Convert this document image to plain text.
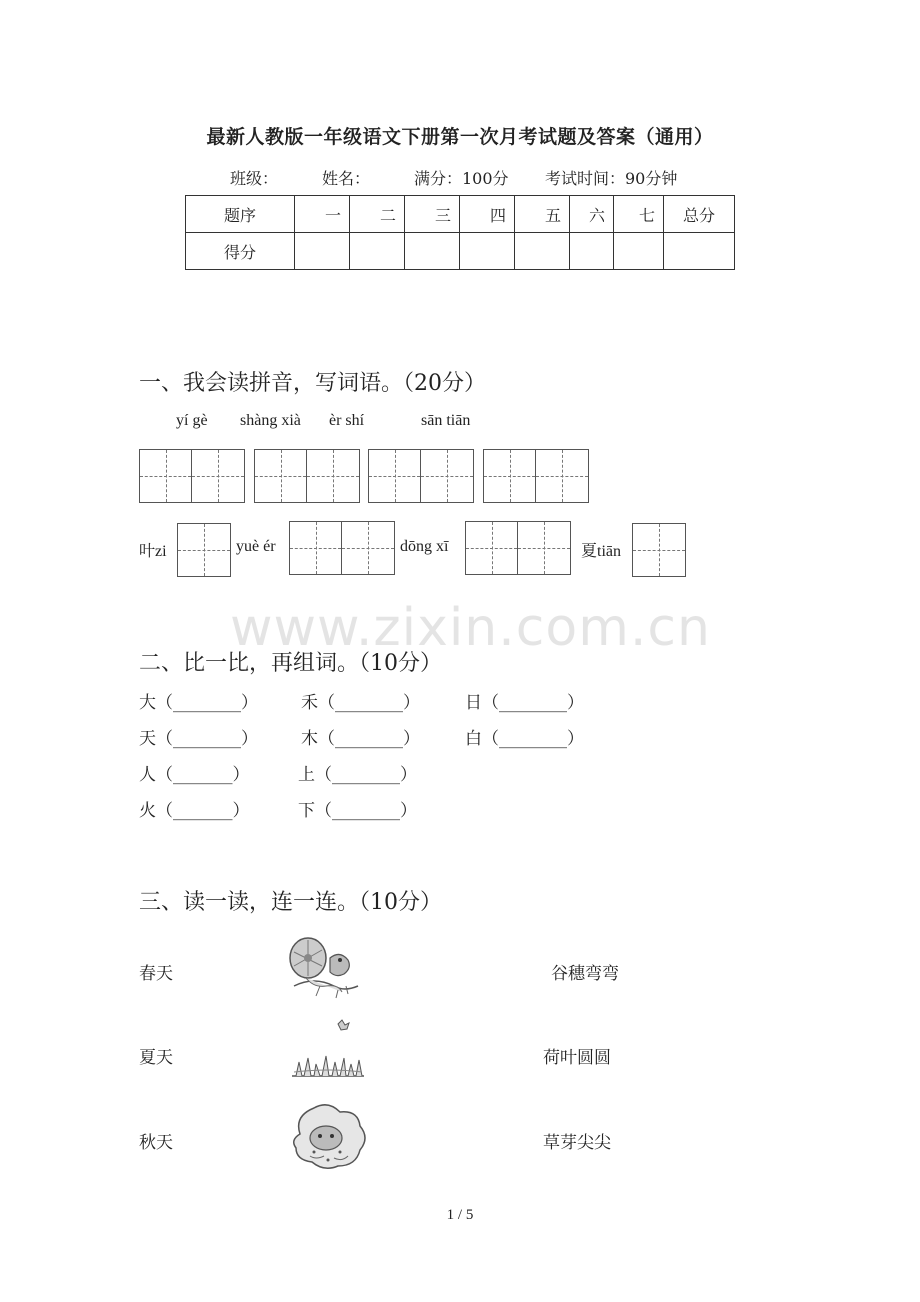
最新人教版一年级语文下册第一次月考试题及答案（通用）
班级：	姓名：	满分：100分 考试时间：90分钟
题序	一	二	三	四	五	六	七	总分
得分								
一、我会读拼音，写词语。（20分）
yí gè shàng xià èr shí	sān tiān
叶zi	yuè ér	dōng xī	夏tiān
www.zixin.com.cn
二、比一比，再组词。（10分）
大（________）	禾（________）	日（________）
天（________）	木（________）	白（________）
人（_______）	上（________）
火（_______）	下（________）
三、读一读，连一连。（10分）
春天
夏天
秋天
谷穗弯弯
荷叶圆圆
草芽尖尖
1 / 5
